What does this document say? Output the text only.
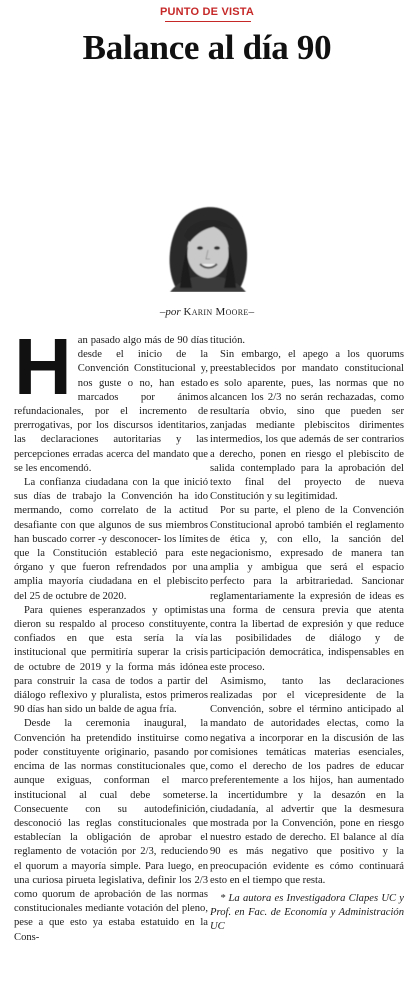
PUNTO DE VISTA
Balance al día 90
–por Karin Moore–

Han pasado algo más de 90 días desde el inicio de la Convención Constitucional y, nos guste o no, han estado marcados por ánimos refundacionales, por el incremento de prerrogativas, por los discursos identitarios, las declaraciones autoritarias y las percepciones erradas acerca del mandato que se les encomendó.

La confianza ciudadana con la que inició sus días de trabajo la Convención ha ido mermando, como correlato de la actitud desafiante con que algunos de sus miembros han buscado correr -y desconocer- los límites que la Constitución estableció para este órgano y que fueron refrendados por una amplia mayoría ciudadana en el plebiscito del 25 de octubre de 2020.

Para quienes esperanzados y optimistas dieron su respaldo al proceso constituyente, confiados en que esta sería la vía institucional que permitiría superar la crisis de octubre de 2019 y la forma más idónea para construir la casa de todos a partir del diálogo reflexivo y pluralista, estos primeros 90 días han sido un balde de agua fría.

Desde la ceremonia inaugural, la Convención ha pretendido instituirse como poder constituyente originario, pasando por encima de las normas constitucionales que, aunque exiguas, conforman el marco institucional al cual debe someterse. Consecuente con su autodefinición, desconoció las reglas constitucionales que establecían la obligación de aprobar el reglamento de votación por 2/3, reduciendo el quorum a mayoría simple. Para luego, en una curiosa pirueta legislativa, definir los 2/3 como quorum de aprobación de las normas constitucionales mediante votación del pleno, pese a que esto ya estaba estatuido en la Cons-

titución.

Sin embargo, el apego a los quorums preestablecidos por mandato constitucional es solo aparente, pues, las normas que no alcancen los 2/3 no serán rechazadas, como resultaría obvio, sino que pueden ser zanjadas mediante plebiscitos dirimentes intermedios, los que además de ser contrarios a derecho, ponen en riesgo el plebiscito de salida contemplado para la aprobación del texto final del proyecto de nueva Constitución y su legitimidad.

Por su parte, el pleno de la Convención Constitucional aprobó también el reglamento de ética y, con ello, la sanción del negacionismo, expresado de manera tan amplia y ambigua que será el espacio perfecto para la arbitrariedad. Sancionar reglamentariamente la expresión de ideas es una forma de censura previa que atenta contra la libertad de expresión y que reduce las posibilidades de diálogo y de participación democrática, indispensables en este proceso.

Asimismo, tanto las declaraciones realizadas por el vicepresidente de la Convención, sobre el término anticipado al mandato de autoridades electas, como la negativa a incorporar en la discusión de las comisiones temáticas materias esenciales, como el derecho de los padres de educar preferentemente a los hijos, han aumentado la incertidumbre y la desazón en la ciudadanía, al advertir que la desmesura mostrada por la Convención, pone en riesgo nuestro estado de derecho. El balance al día 90 es más negativo que positivo y la preocupación evidente es cómo continuará esto en el tiempo que resta.

* La autora es Investigadora Clapes UC y Prof. en Fac. de Economía y Administración UC
